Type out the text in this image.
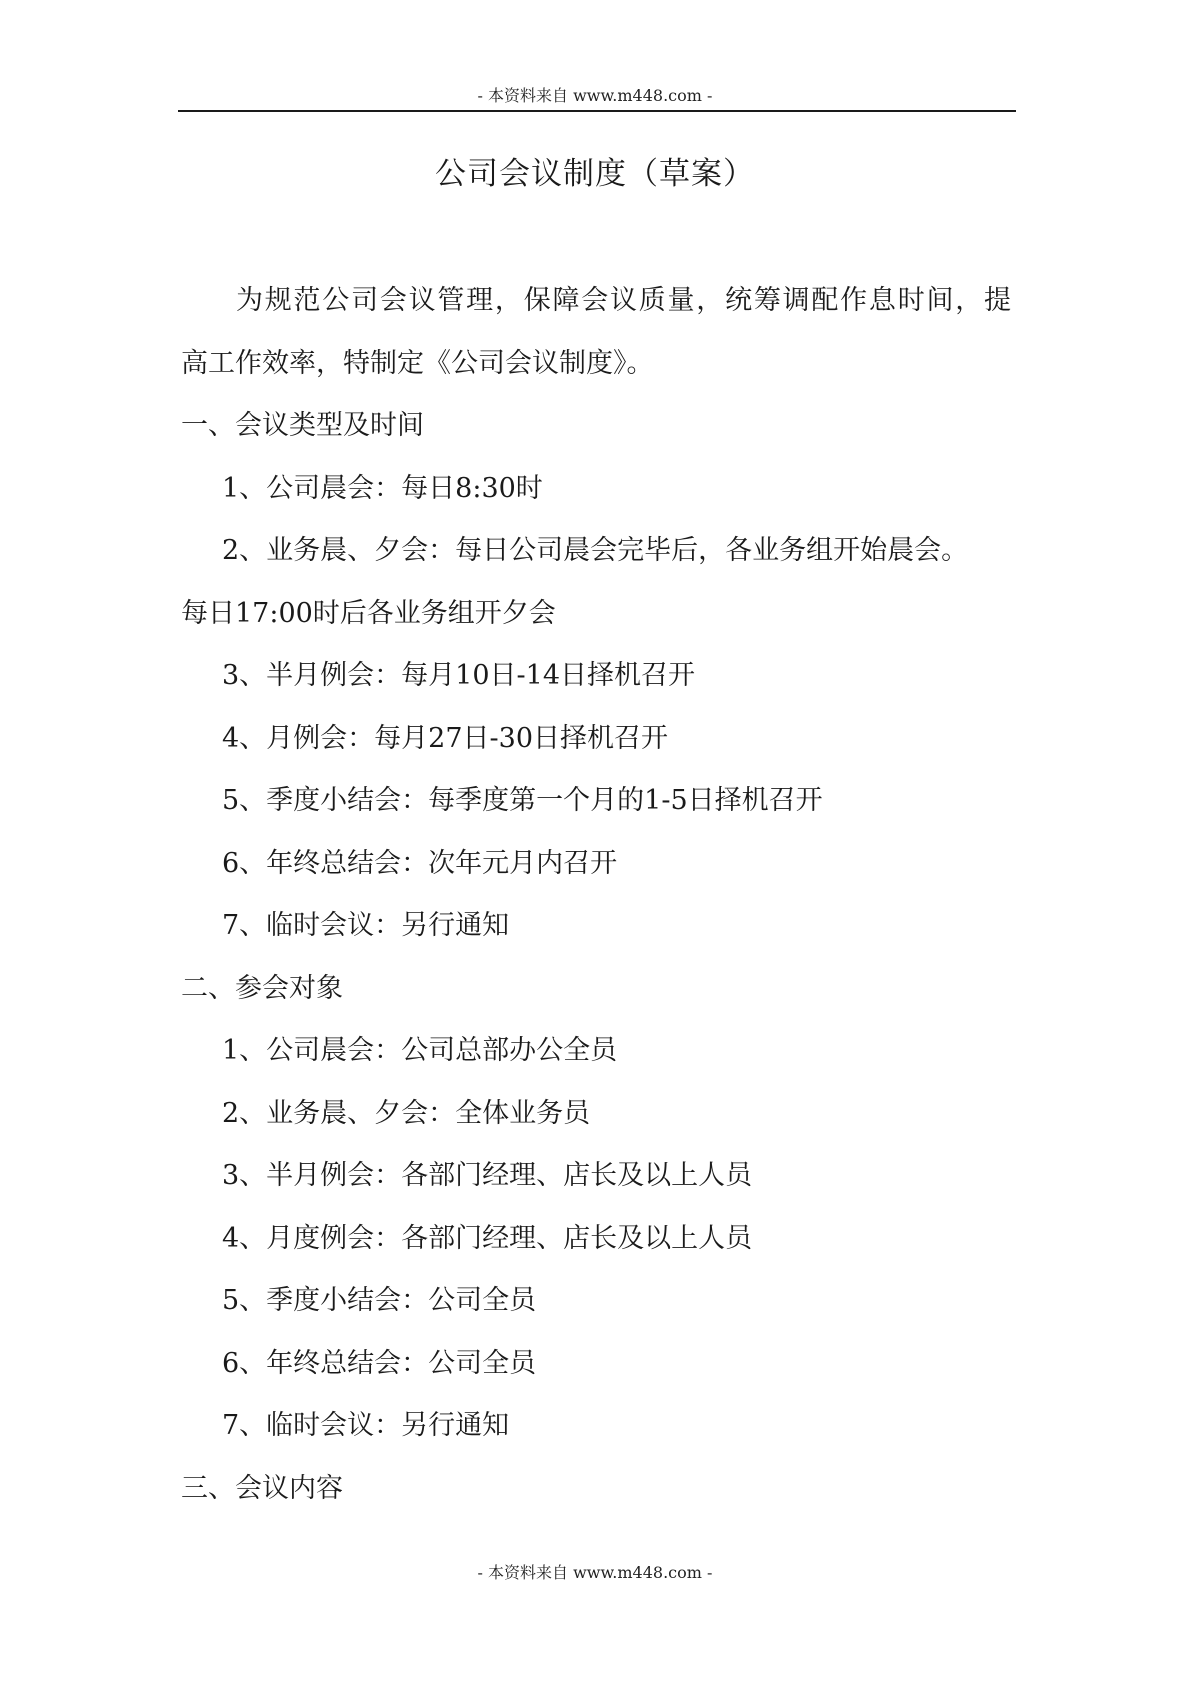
- 本资料来自 www.m448.com -
公司会议制度（草案）
为规范公司会议管理，保障会议质量，统筹调配作息时间，提
高工作效率，特制定《公司会议制度》。
一、会议类型及时间
1、公司晨会：每日8:30时
2、业务晨、夕会：每日公司晨会完毕后，各业务组开始晨会。
每日17:00时后各业务组开夕会
3、半月例会：每月10日-14日择机召开
4、月例会：每月27日-30日择机召开
5、季度小结会：每季度第一个月的1-5日择机召开
6、年终总结会：次年元月内召开
7、临时会议：另行通知
二、参会对象
1、公司晨会：公司总部办公全员
2、业务晨、夕会：全体业务员
3、半月例会：各部门经理、店长及以上人员
4、月度例会：各部门经理、店长及以上人员
5、季度小结会：公司全员
6、年终总结会：公司全员
7、临时会议：另行通知
三、会议内容
- 本资料来自 www.m448.com -
